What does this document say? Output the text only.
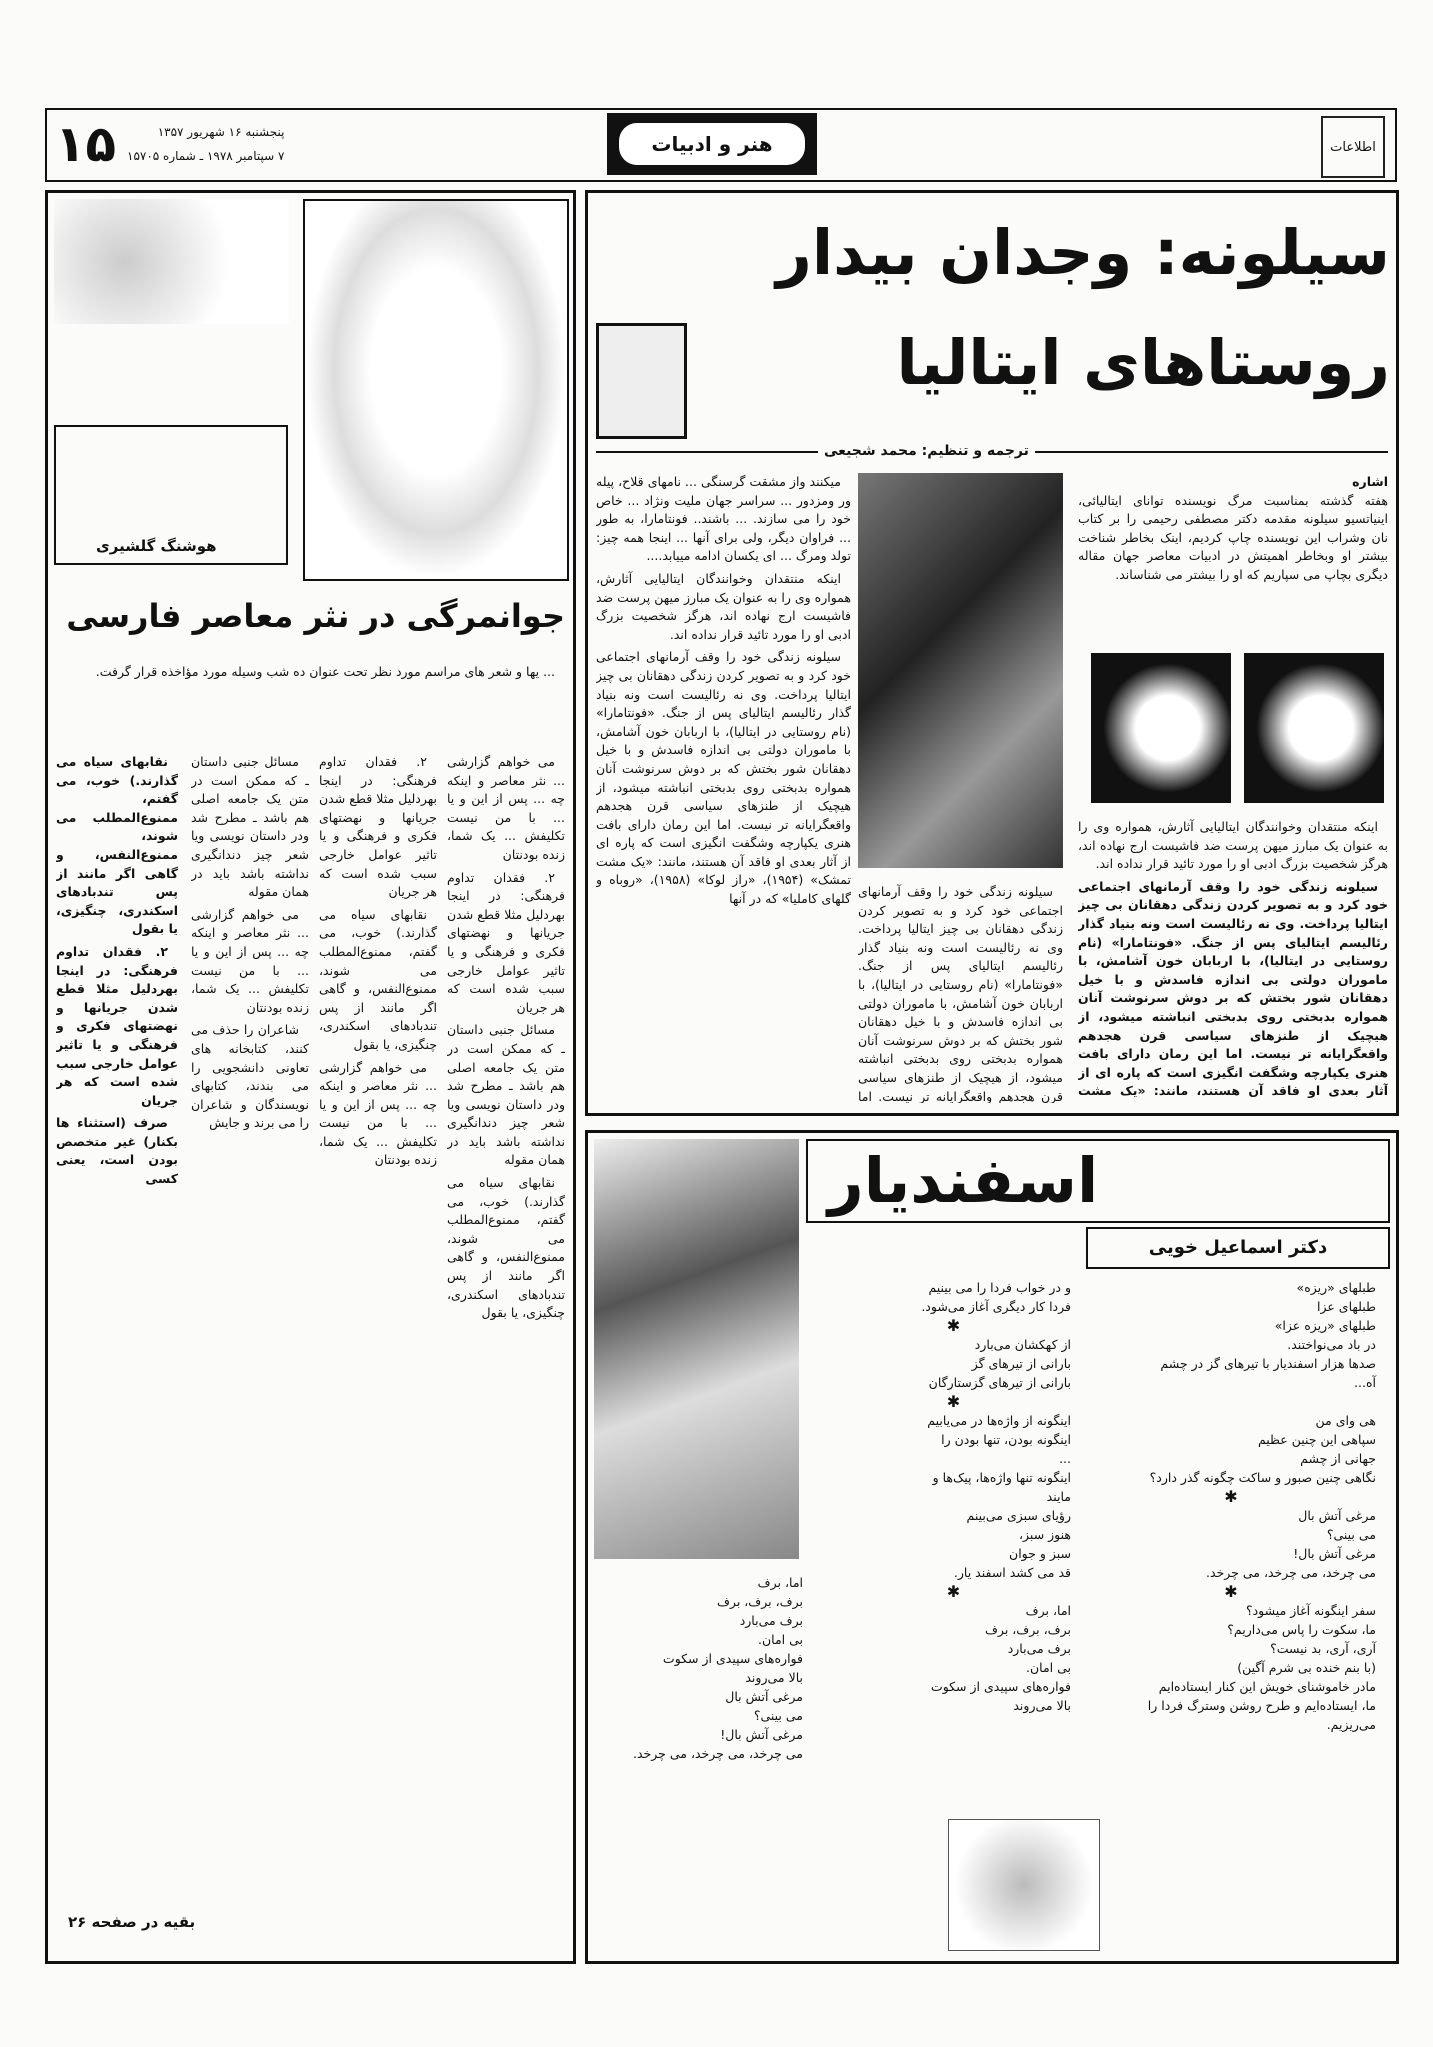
اطلاعات
هنر و ادبیات
۱۵	پنجشنبه ۱۶ شهریور ۱۳۵۷
۷ سپتامبر ۱۹۷۸ ـ شماره ۱۵۷۰۵
سیلونه: وجدان بیدار
روستاهای ایتالیا
ترجمه و تنظیم: محمد شجیعی
اشاره
هفته گذشته بمناسبت مرگ نویسنده توانای ایتالیائی، اینیاتسیو سیلونه مقدمه دکتر مصطفی رحیمی را بر کتاب نان وشراب این نویسنده چاپ کردیم، اینک بخاطر شناخت بیشتر او وبخاطر اهمیتش در ادبیات معاصر جهان مقاله دیگری بچاپ می سپاریم که او را بیشتر می شناساند.

میکنند واز مشقت گرسنگی ... نامهای قلاح، پیله ور ومزدور ... سراسر جهان ملیت ونژاد ... خاص خود را می سازند. ... باشند.. فونتامارا، به طور ... فراوان دیگر، ولی برای آنها ... اینجا همه چیز: تولد ومرگ ... ای یکسان ادامه مییابد....

اینکه منتقدان وخوانندگان ایتالیایی آثارش، همواره وی را به عنوان یک مبارز میهن پرست ضد فاشیست ارج نهاده اند، هرگز شخصیت بزرگ ادبی او را مورد تائید قرار نداده اند.

سیلونه زندگی خود را وقف آرمانهای اجتماعی خود کرد و به تصویر کردن زندگی دهقانان بی چیز ایتالیا پرداخت. وی نه رئالیست است ونه بنیاد گذار رئالیسم ایتالیای پس از جنگ. «فونتامارا» (نام روستایی در ایتالیا)، با اربابان خون آشامش، با ماموران دولتی بی اندازه فاسدش و با خیل دهقانان شور بختش که بر دوش سرنوشت آنان همواره بدبختی روی بدبختی انباشته میشود، از هیچیک از طنزهای سیاسی قرن هجدهم واقعگرایانه تر نیست. اما این رمان دارای بافت هنری یکپارچه وشگفت انگیزی است که پاره ای از آثار بعدی او فاقد آن هستند، مانند: «یک مشت تمشک» (۱۹۵۴)، «راز لوکا» (۱۹۵۸)، «روباه و گلهای کاملیا» که در آنها	سیلونه زندگی خود را وقف آرمانهای اجتماعی خود کرد و به تصویر کردن زندگی دهقانان بی چیز ایتالیا پرداخت. وی نه رئالیست است ونه بنیاد گذار رئالیسم ایتالیای پس از جنگ. «فونتامارا» (نام روستایی در ایتالیا)، با اربابان خون آشامش، با ماموران دولتی بی اندازه فاسدش و با خیل دهقانان شور بختش که بر دوش سرنوشت آنان همواره بدبختی روی بدبختی انباشته میشود، از هیچیک از طنزهای سیاسی قرن هجدهم واقعگرایانه تر نیست. اما

اینکه منتقدان وخوانندگان ایتالیایی آثارش، همواره وی را به عنوان یک مبارز میهن پرست ضد فاشیست ارج نهاده اند، هرگز شخصیت بزرگ ادبی او را مورد تائید قرار نداده اند.

سیلونه زندگی خود را وقف آرمانهای اجتماعی خود کرد و به تصویر کردن زندگی دهقانان بی چیز ایتالیا پرداخت. وی نه رئالیست است ونه بنیاد گذار رئالیسم ایتالیای پس از جنگ. «فونتامارا» (نام روستایی در ایتالیا)، با اربابان خون آشامش، با ماموران دولتی بی اندازه فاسدش و با خیل دهقانان شور بختش که بر دوش سرنوشت آنان همواره بدبختی روی بدبختی انباشته میشود، از هیچیک از طنزهای سیاسی قرن هجدهم واقعگرایانه تر نیست. اما این رمان دارای بافت هنری یکپارچه وشگفت انگیزی است که پاره ای از آثار بعدی او فاقد آن هستند، مانند: «یک مشت

اسفندیار
دکتر اسماعیل خویی
طبلهای «ریزه»
طبلهای عزا
طبلهای «ریزه عزا»
در باد می‌نواختند.
صدها هزار اسفندیار با تیرهای گز در چشم
آه...

هی وای من
سپاهی این چنین عظیم
جهانی از چشم
نگاهی چنین صبور و ساکت چگونه گذر دارد؟
✱
مرغی آتش بال
می بینی؟
مرغی آتش بال!
می چرخد، می چرخد، می چرخد.
✱
سفر اینگونه آغاز میشود؟
ما، سکوت را پاس می‌داریم؟
آری، آری، بد نیست؟
(با بنم خنده بی شرم آگین)
مادر خاموشنای خویش این کنار ایستاده‌ایم
ما، ایستاده‌ایم و طرح روشن وسترگ فردا را
می‌ریزیم.
و در خواب فردا را می بینیم
فردا کار دیگری آغاز می‌شود.
✱
از کهکشان می‌بارد
بارانی از تیرهای گز
بارانی از تیرهای گزستارگان
✱
اینگونه از واژه‌ها در می‌یابیم
اینگونه بودن، تنها بودن را
...
اینگونه تنها واژه‌ها، پیک‌ها و
مایند
رؤیای سبزی می‌بینم
هنوز سبز،
سبز و جوان
قد می کشد اسفند یار.
✱
اما، برف
برف، برف، برف
برف می‌بارد
بی امان.
فواره‌های سپیدی از سکوت
بالا می‌روند
اما، برف
برف، برف، برف
برف می‌بارد
بی امان.
فواره‌های سپیدی از سکوت
بالا می‌روند
مرغی آتش بال
می بینی؟
مرغی آتش بال!
می چرخد، می چرخد، می چرخد.
هوشنگ گلشیری
جوانمرگی در نثر معاصر فارسی

... یها و شعر های مراسم مورد نظر تحت عنوان ده شب وسیله مورد مؤاخذه قرار گرفت.

می خواهم گزارشی ... نثر معاصر و اینکه چه ... پس از این و یا ... با من نیست تکلیفش ... یک شما، زنده بودنتان

۲. فقدان تداوم فرهنگی: در اینجا بهردلیل مثلا قطع شدن جریانها و نهضتهای فکری و فرهنگی و یا تاثیر عوامل خارجی سبب شده است که هر جریان

مسائل جنبی داستان ـ که ممکن است در متن یک جامعه اصلی هم باشد ـ مطرح شد ودر داستان نویسی ویا شعر چیز دندانگیری نداشته باشد باید در همان مقوله

نقابهای سیاه می گذارند.) خوب، می گفتم، ممنوع‌المطلب می شوند، ممنوع‌النفس، و گاهی اگر مانند از پس تندبادهای اسکندری، چنگیزی، یا بقول

۲. فقدان تداوم فرهنگی: در اینجا بهردلیل مثلا قطع شدن جریانها و نهضتهای فکری و فرهنگی و یا تاثیر عوامل خارجی سبب شده است که هر جریان

نقابهای سیاه می گذارند.) خوب، می گفتم، ممنوع‌المطلب می شوند، ممنوع‌النفس، و گاهی اگر مانند از پس تندبادهای اسکندری، چنگیزی، یا بقول

می خواهم گزارشی ... نثر معاصر و اینکه چه ... پس از این و یا ... با من نیست تکلیفش ... یک شما، زنده بودنتان

مسائل جنبی داستان ـ که ممکن است در متن یک جامعه اصلی هم باشد ـ مطرح شد ودر داستان نویسی ویا شعر چیز دندانگیری نداشته باشد باید در همان مقوله

می خواهم گزارشی ... نثر معاصر و اینکه چه ... پس از این و یا ... با من نیست تکلیفش ... یک شما، زنده بودنتان

شاعران را حذف می کنند، کتابخانه های تعاونی دانشجویی را می بندند، کتابهای نویسندگان و شاعران را می برند و جایش

نقابهای سیاه می گذارند.) خوب، می گفتم، ممنوع‌المطلب می شوند، ممنوع‌النفس، و گاهی اگر مانند از پس تندبادهای اسکندری، چنگیزی، یا بقول

۲. فقدان تداوم فرهنگی: در اینجا بهردلیل مثلا قطع شدن جریانها و نهضتهای فکری و فرهنگی و یا تاثیر عوامل خارجی سبب شده است که هر جریان

صرف (استثناء ها بکنار) غیر متخصص بودن است، یعنی کسی

بقیه در صفحه ۲۶
